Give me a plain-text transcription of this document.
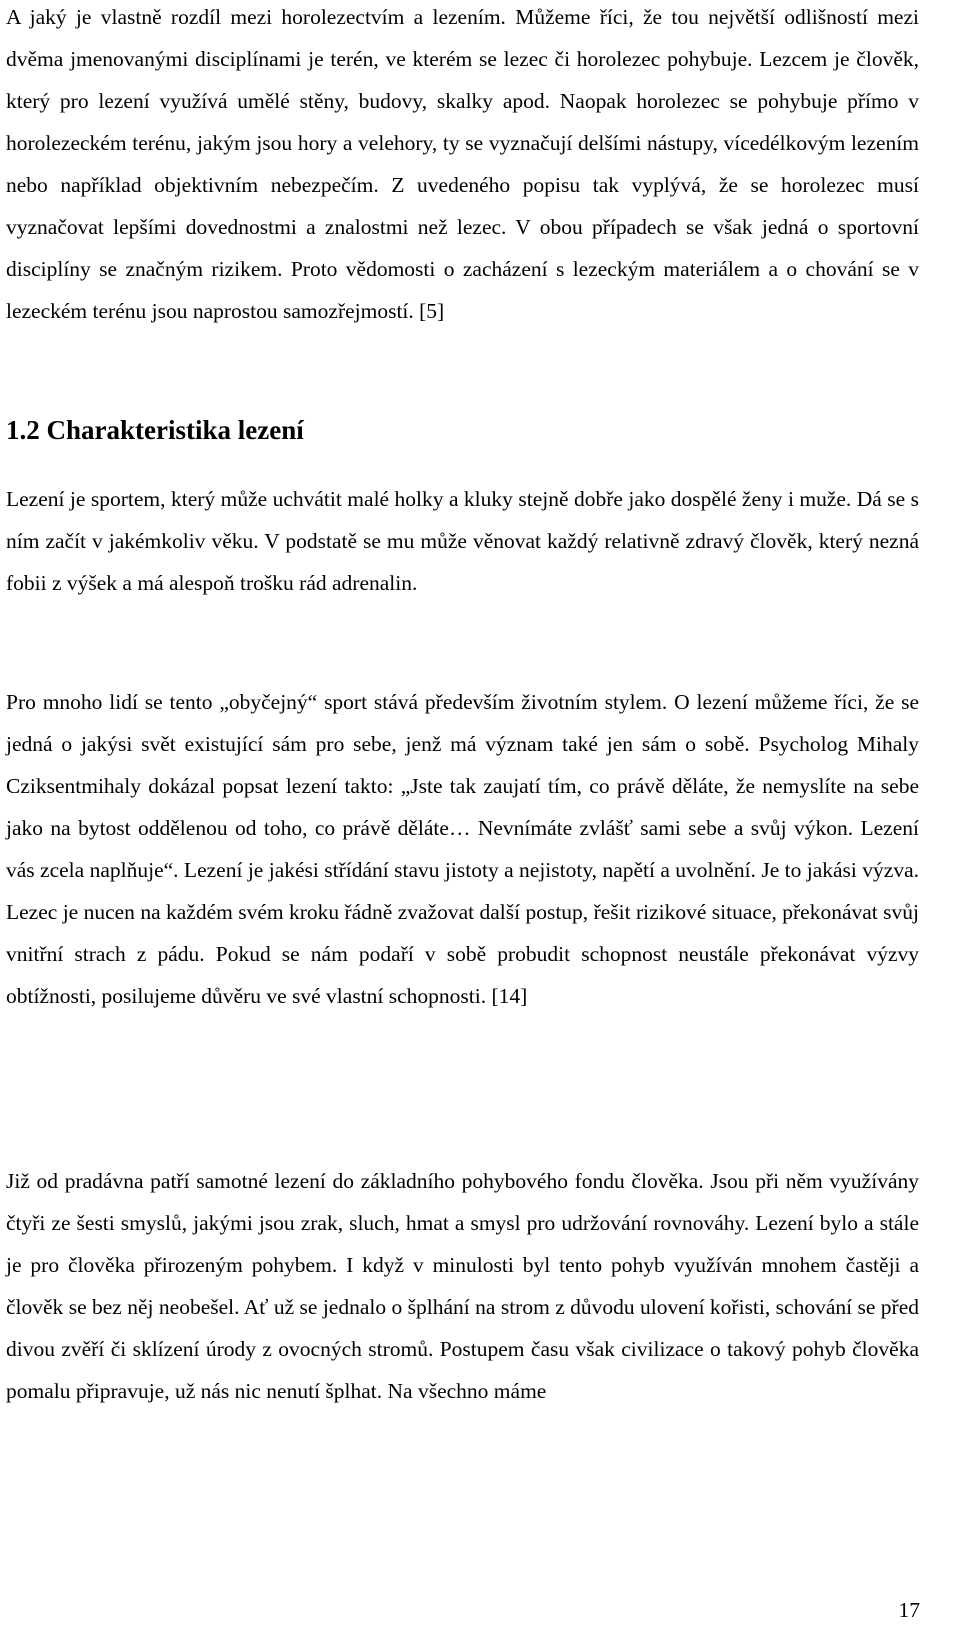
A jaký je vlastně rozdíl mezi horolezectvím a lezením. Můžeme říci, že tou největší odlišností mezi dvěma jmenovanými disciplínami je terén, ve kterém se lezec či horolezec pohybuje. Lezcem je člověk, který pro lezení využívá umělé stěny, budovy, skalky apod. Naopak horolezec se pohybuje přímo v horolezeckém terénu, jakým jsou hory a velehory, ty se vyznačují delšími nástupy, vícedélkovým lezením nebo například objektivním nebezpečím. Z uvedeného popisu tak vyplývá, že se horolezec musí vyznačovat lepšími dovednostmi a znalostmi než lezec. V obou případech se však jedná o sportovní disciplíny se značným rizikem. Proto vědomosti o zacházení s lezeckým materiálem a o chování se v lezeckém terénu jsou naprostou samozřejmostí. [5]

1.2 Charakteristika lezení

Lezení je sportem, který může uchvátit malé holky a kluky stejně dobře jako dospělé ženy i muže. Dá se s ním začít v jakémkoliv věku. V podstatě se mu může věnovat každý relativně zdravý člověk, který nezná fobii z výšek a má alespoň trošku rád adrenalin.

Pro mnoho lidí se tento „obyčejný“ sport stává především životním stylem. O lezení můžeme říci, že se jedná o jakýsi svět existující sám pro sebe, jenž má význam také jen sám o sobě. Psycholog Mihaly Cziksentmihaly dokázal popsat lezení takto: „Jste tak zaujatí tím, co právě děláte, že nemyslíte na sebe jako na bytost oddělenou od toho, co právě děláte… Nevnímáte zvlášť sami sebe a svůj výkon. Lezení vás zcela naplňuje“. Lezení je jakési střídání stavu jistoty a nejistoty, napětí a uvolnění. Je to jakási výzva. Lezec je nucen na každém svém kroku řádně zvažovat další postup, řešit rizikové situace, překonávat svůj vnitřní strach z pádu. Pokud se nám podaří v sobě probudit schopnost neustále překonávat výzvy obtížnosti, posilujeme důvěru ve své vlastní schopnosti. [14]

Již od pradávna patří samotné lezení do základního pohybového fondu člověka. Jsou při něm využívány čtyři ze šesti smyslů, jakými jsou zrak, sluch, hmat a smysl pro udržování rovnováhy. Lezení bylo a stále je pro člověka přirozeným pohybem. I když v minulosti byl tento pohyb využíván mnohem častěji a člověk se bez něj neobešel. Ať už se jednalo o šplhání na strom z důvodu ulovení kořisti, schování se před divou zvěří či sklízení úrody z ovocných stromů. Postupem času však civilizace o takový pohyb člověka pomalu připravuje, už nás nic nenutí šplhat. Na všechno máme

17
